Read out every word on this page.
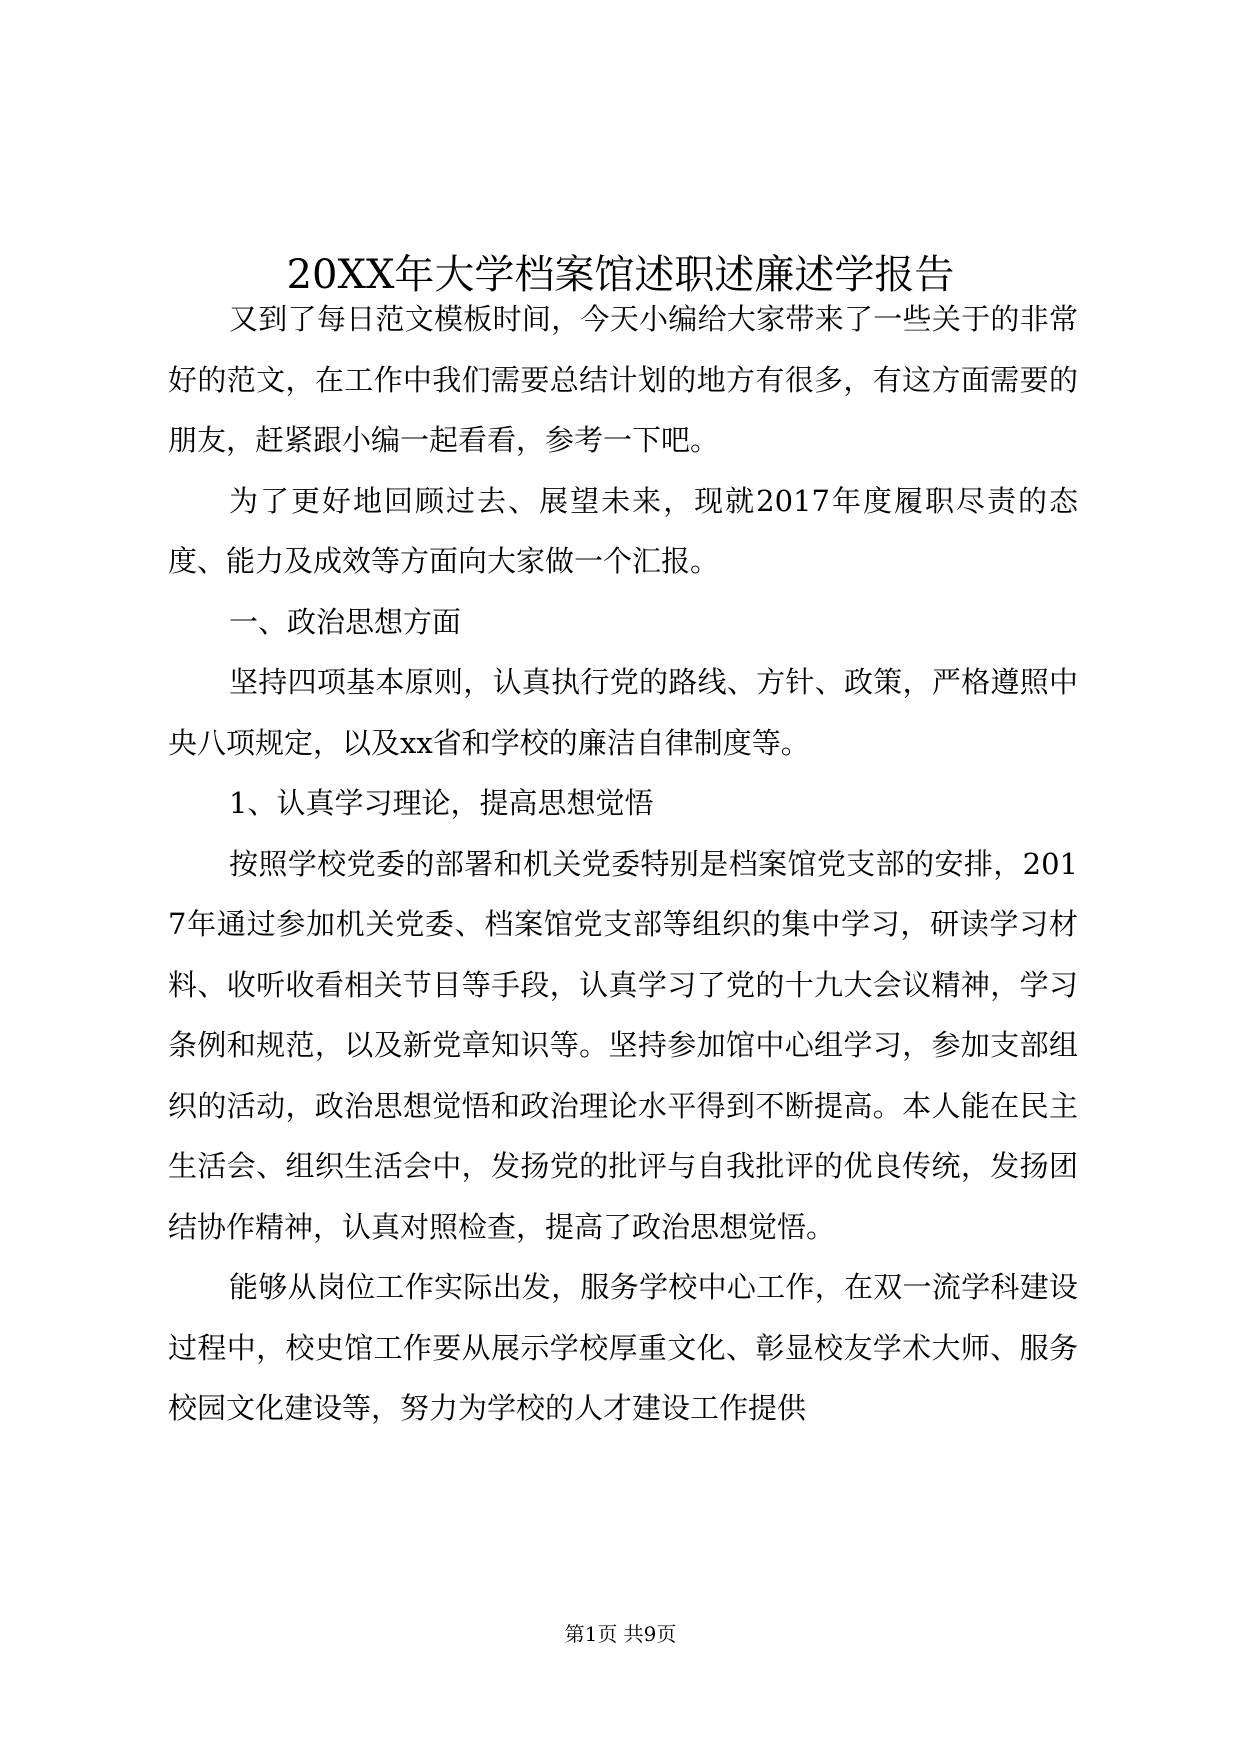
20XX年大学档案馆述职述廉述学报告

又到了每日范文模板时间，今天小编给大家带来了一些关于的非常好的范文，在工作中我们需要总结计划的地方有很多，有这方面需要的朋友，赶紧跟小编一起看看，参考一下吧。

为了更好地回顾过去、展望未来，现就2017年度履职尽责的态度、能力及成效等方面向大家做一个汇报。

一、政治思想方面

坚持四项基本原则，认真执行党的路线、方针、政策，严格遵照中央八项规定，以及xx省和学校的廉洁自律制度等。

1、认真学习理论，提高思想觉悟

按照学校党委的部署和机关党委特别是档案馆党支部的安排，2017年通过参加机关党委、档案馆党支部等组织的集中学习，研读学习材料、收听收看相关节目等手段，认真学习了党的十九大会议精神，学习条例和规范，以及新党章知识等。坚持参加馆中心组学习，参加支部组织的活动，政治思想觉悟和政治理论水平得到不断提高。本人能在民主生活会、组织生活会中，发扬党的批评与自我批评的优良传统，发扬团结协作精神，认真对照检查，提高了政治思想觉悟。

能够从岗位工作实际出发，服务学校中心工作，在双一流学科建设过程中，校史馆工作要从展示学校厚重文化、彰显校友学术大师、服务校园文化建设等，努力为学校的人才建设工作提供

第1页 共9页
